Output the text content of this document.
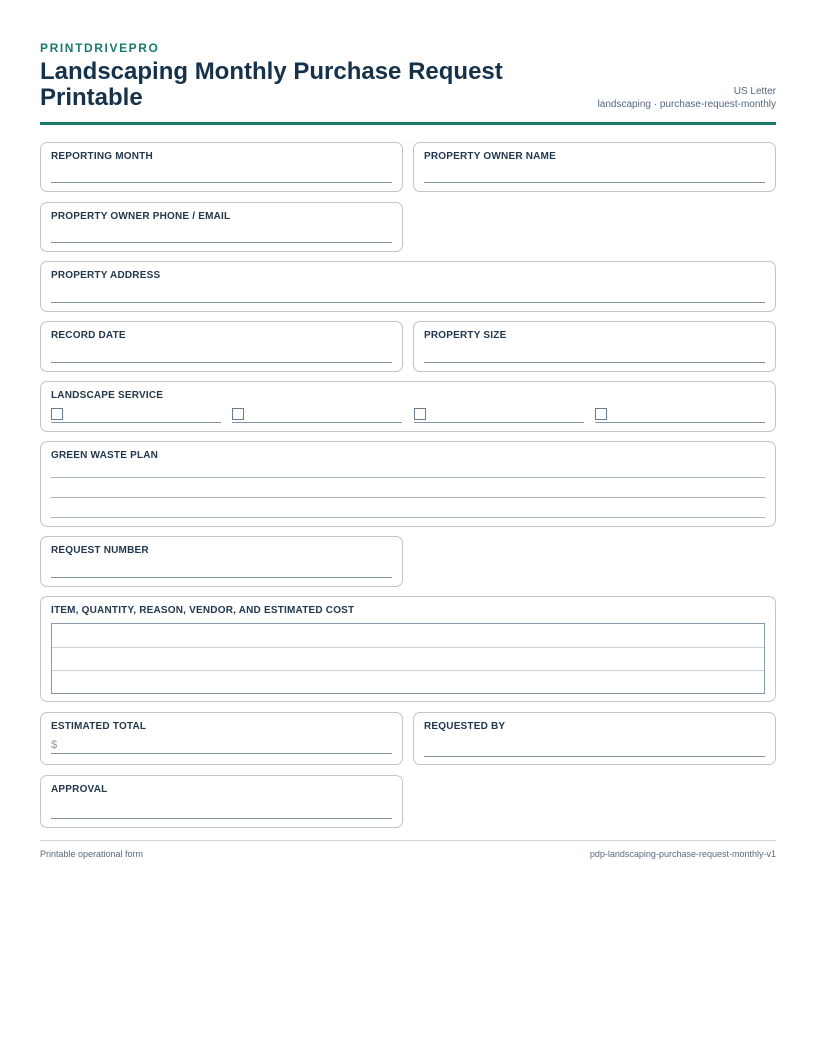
PRINTDRIVEPRO
Landscaping Monthly Purchase Request Printable	US Letter
landscaping · purchase-request-monthly
REPORTING MONTH	PROPERTY OWNER NAME
PROPERTY OWNER PHONE / EMAIL
PROPERTY ADDRESS
RECORD DATE	PROPERTY SIZE
LANDSCAPE SERVICE
GREEN WASTE PLAN
REQUEST NUMBER
ITEM, QUANTITY, REASON, VENDOR, AND ESTIMATED COST
ESTIMATED TOTAL
$
REQUESTED BY
APPROVAL
Printable operational form	pdp-landscaping-purchase-request-monthly-v1
